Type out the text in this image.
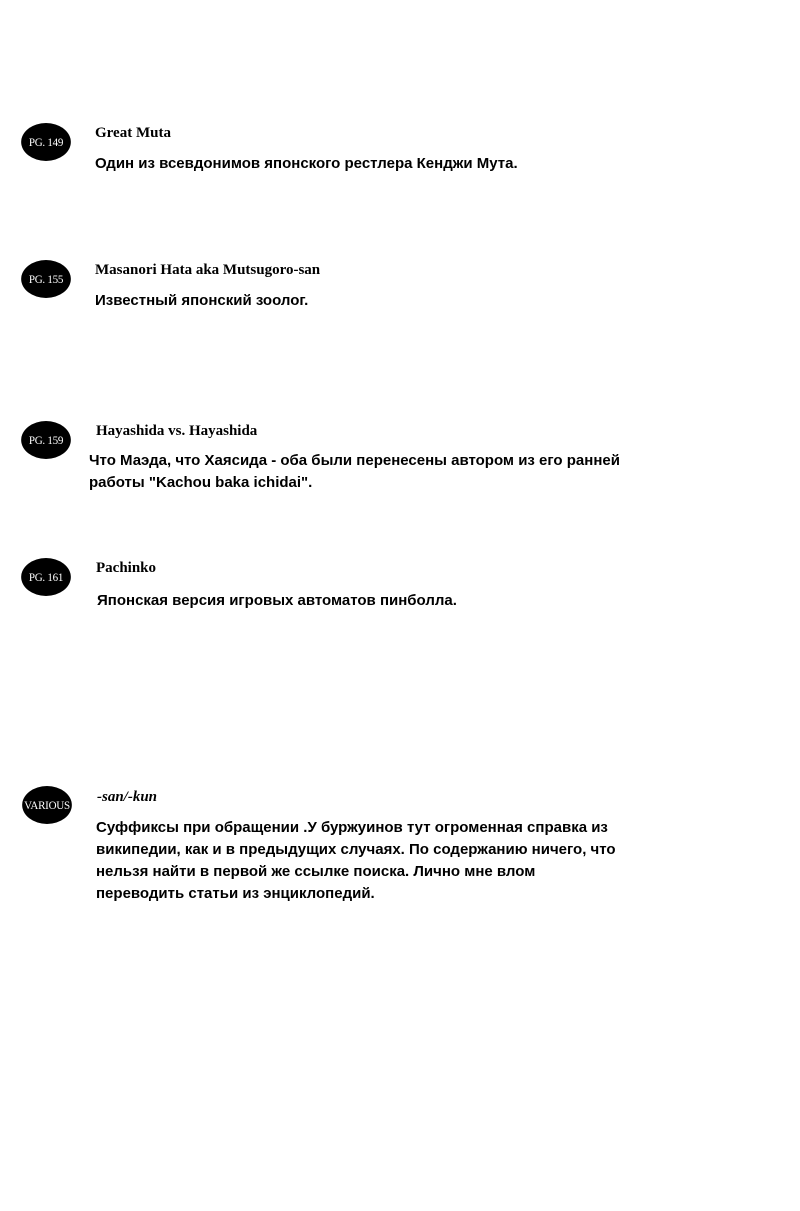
PG. 149
Great Muta
Один из всевдонимов японского рестлера Кенджи Мута.
PG. 155
Masanori Hata aka Mutsugoro-san
Известный японский зоолог.
PG. 159
Hayashida vs. Hayashida
Что Маэда, что Хаясида - оба были перенесены автором из его ранней
работы "Kachou baka ichidai".
PG. 161
Pachinko
Японская версия игровых автоматов пинболла.
VARIOUS -san/-kun
Суффиксы при обращении .У буржуинов тут огроменная справка из
википедии, как и в предыдущих случаях. По содержанию ничего, что
нельзя найти в первой же ссылке поиска. Лично мне влом
переводить статьи из энциклопедий.
